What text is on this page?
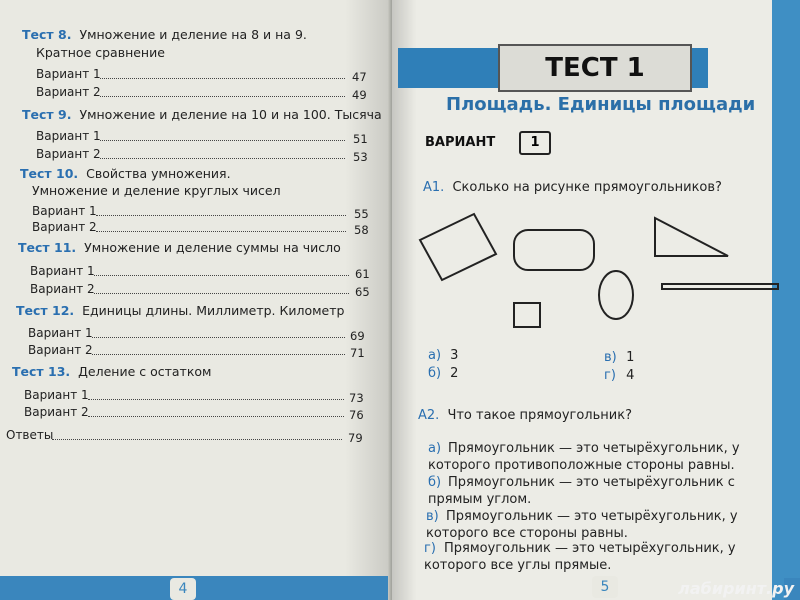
Тест 8. Умножение и деление на 8 и на 9.
Кратное сравнение
Вариант 1	47
Вариант 2	49
Тест 9. Умножение и деление на 10 и на 100. Тысяча
Вариант 1	51
Вариант 2	53
Тест 10. Свойства умножения.
Умножение и деление круглых чисел
Вариант 1	55
Вариант 2	58
Тест 11. Умножение и деление суммы на число
Вариант 1	61
Вариант 2	65
Тест 12. Единицы длины. Миллиметр. Километр
Вариант 1	69
Вариант 2	71
Тест 13. Деление с остатком
Вариант 1	73
Вариант 2	76
Ответы	79
4
ТЕСТ 1
Площадь. Единицы площади
ВАРИАНТ	1
А1. Сколько на рисунке прямоугольников?
а) 3
б) 2
в) 1
г) 4
А2. Что такое прямоугольник?
а) Прямоугольник — это четырёхугольник, у которого противоположные стороны равны.
б) Прямоугольник — это четырёхугольник с прямым углом.
в) Прямоугольник — это четырёхугольник, у которого все стороны равны.
г) Прямоугольник — это четырёхугольник, у которого все углы прямые.
5	лабиринт.ру
